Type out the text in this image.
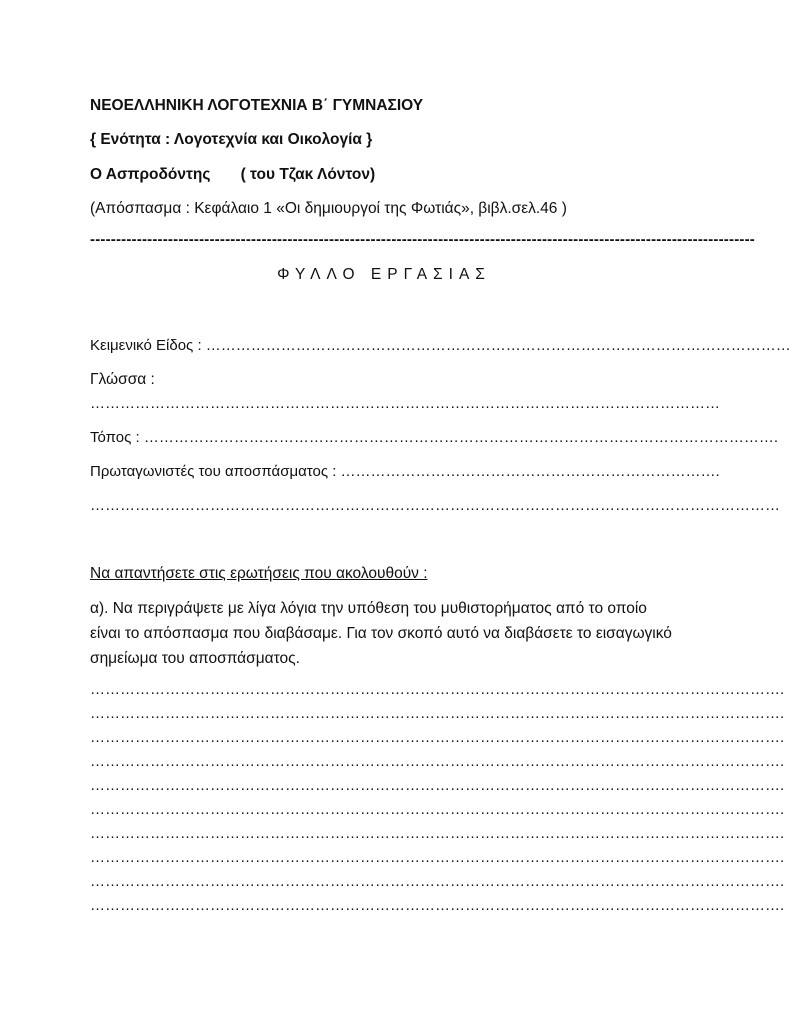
ΝΕΟΕΛΛΗΝΙΚΗ ΛΟΓΟΤΕΧΝΙΑ Β΄ ΓΥΜΝΑΣΙΟΥ
{ Ενότητα : Λογοτεχνία και Οικολογία }
Ο Ασπροδόντης       ( του Τζακ Λόντον)
(Απόσπασμα : Κεφάλαιο 1 «Οι δημιουργοί της Φωτιάς», βιβλ.σελ.46 )
--------------------------------------------------------------------------------------------------------------------------------
ΦΥΛΛΟ ΕΡΓΑΣΙΑΣ
Κειμενικό Είδος : ………………………………………………………………………………………………………
Γλώσσα :
………………………………………………………………………………………………………………
Τόπος : ……………………………………………………………………………………………………………….
Πρωταγωνιστές του αποσπάσματος : ………………………………………………………………….
…………………………………………………………………………………………………………………………
Να απαντήσετε στις ερωτήσεις που ακολουθούν :
α). Να περιγράψετε με λίγα λόγια την υπόθεση του μυθιστορήματος από το οποίο είναι το απόσπασμα που διαβάσαμε. Για τον σκοπό αυτό να διαβάσετε το εισαγωγικό σημείωμα του αποσπάσματος.
………………………………………………………………………………………………………………………….
………………………………………………………………………………………………………………………….
………………………………………………………………………………………………………………………….
………………………………………………………………………………………………………………………….
………………………………………………………………………………………………………………………….
………………………………………………………………………………………………………………………….
………………………………………………………………………………………………………………………….
………………………………………………………………………………………………………………………….
………………………………………………………………………………………………………………………….
………………………………………………………………………………………………………………………….
